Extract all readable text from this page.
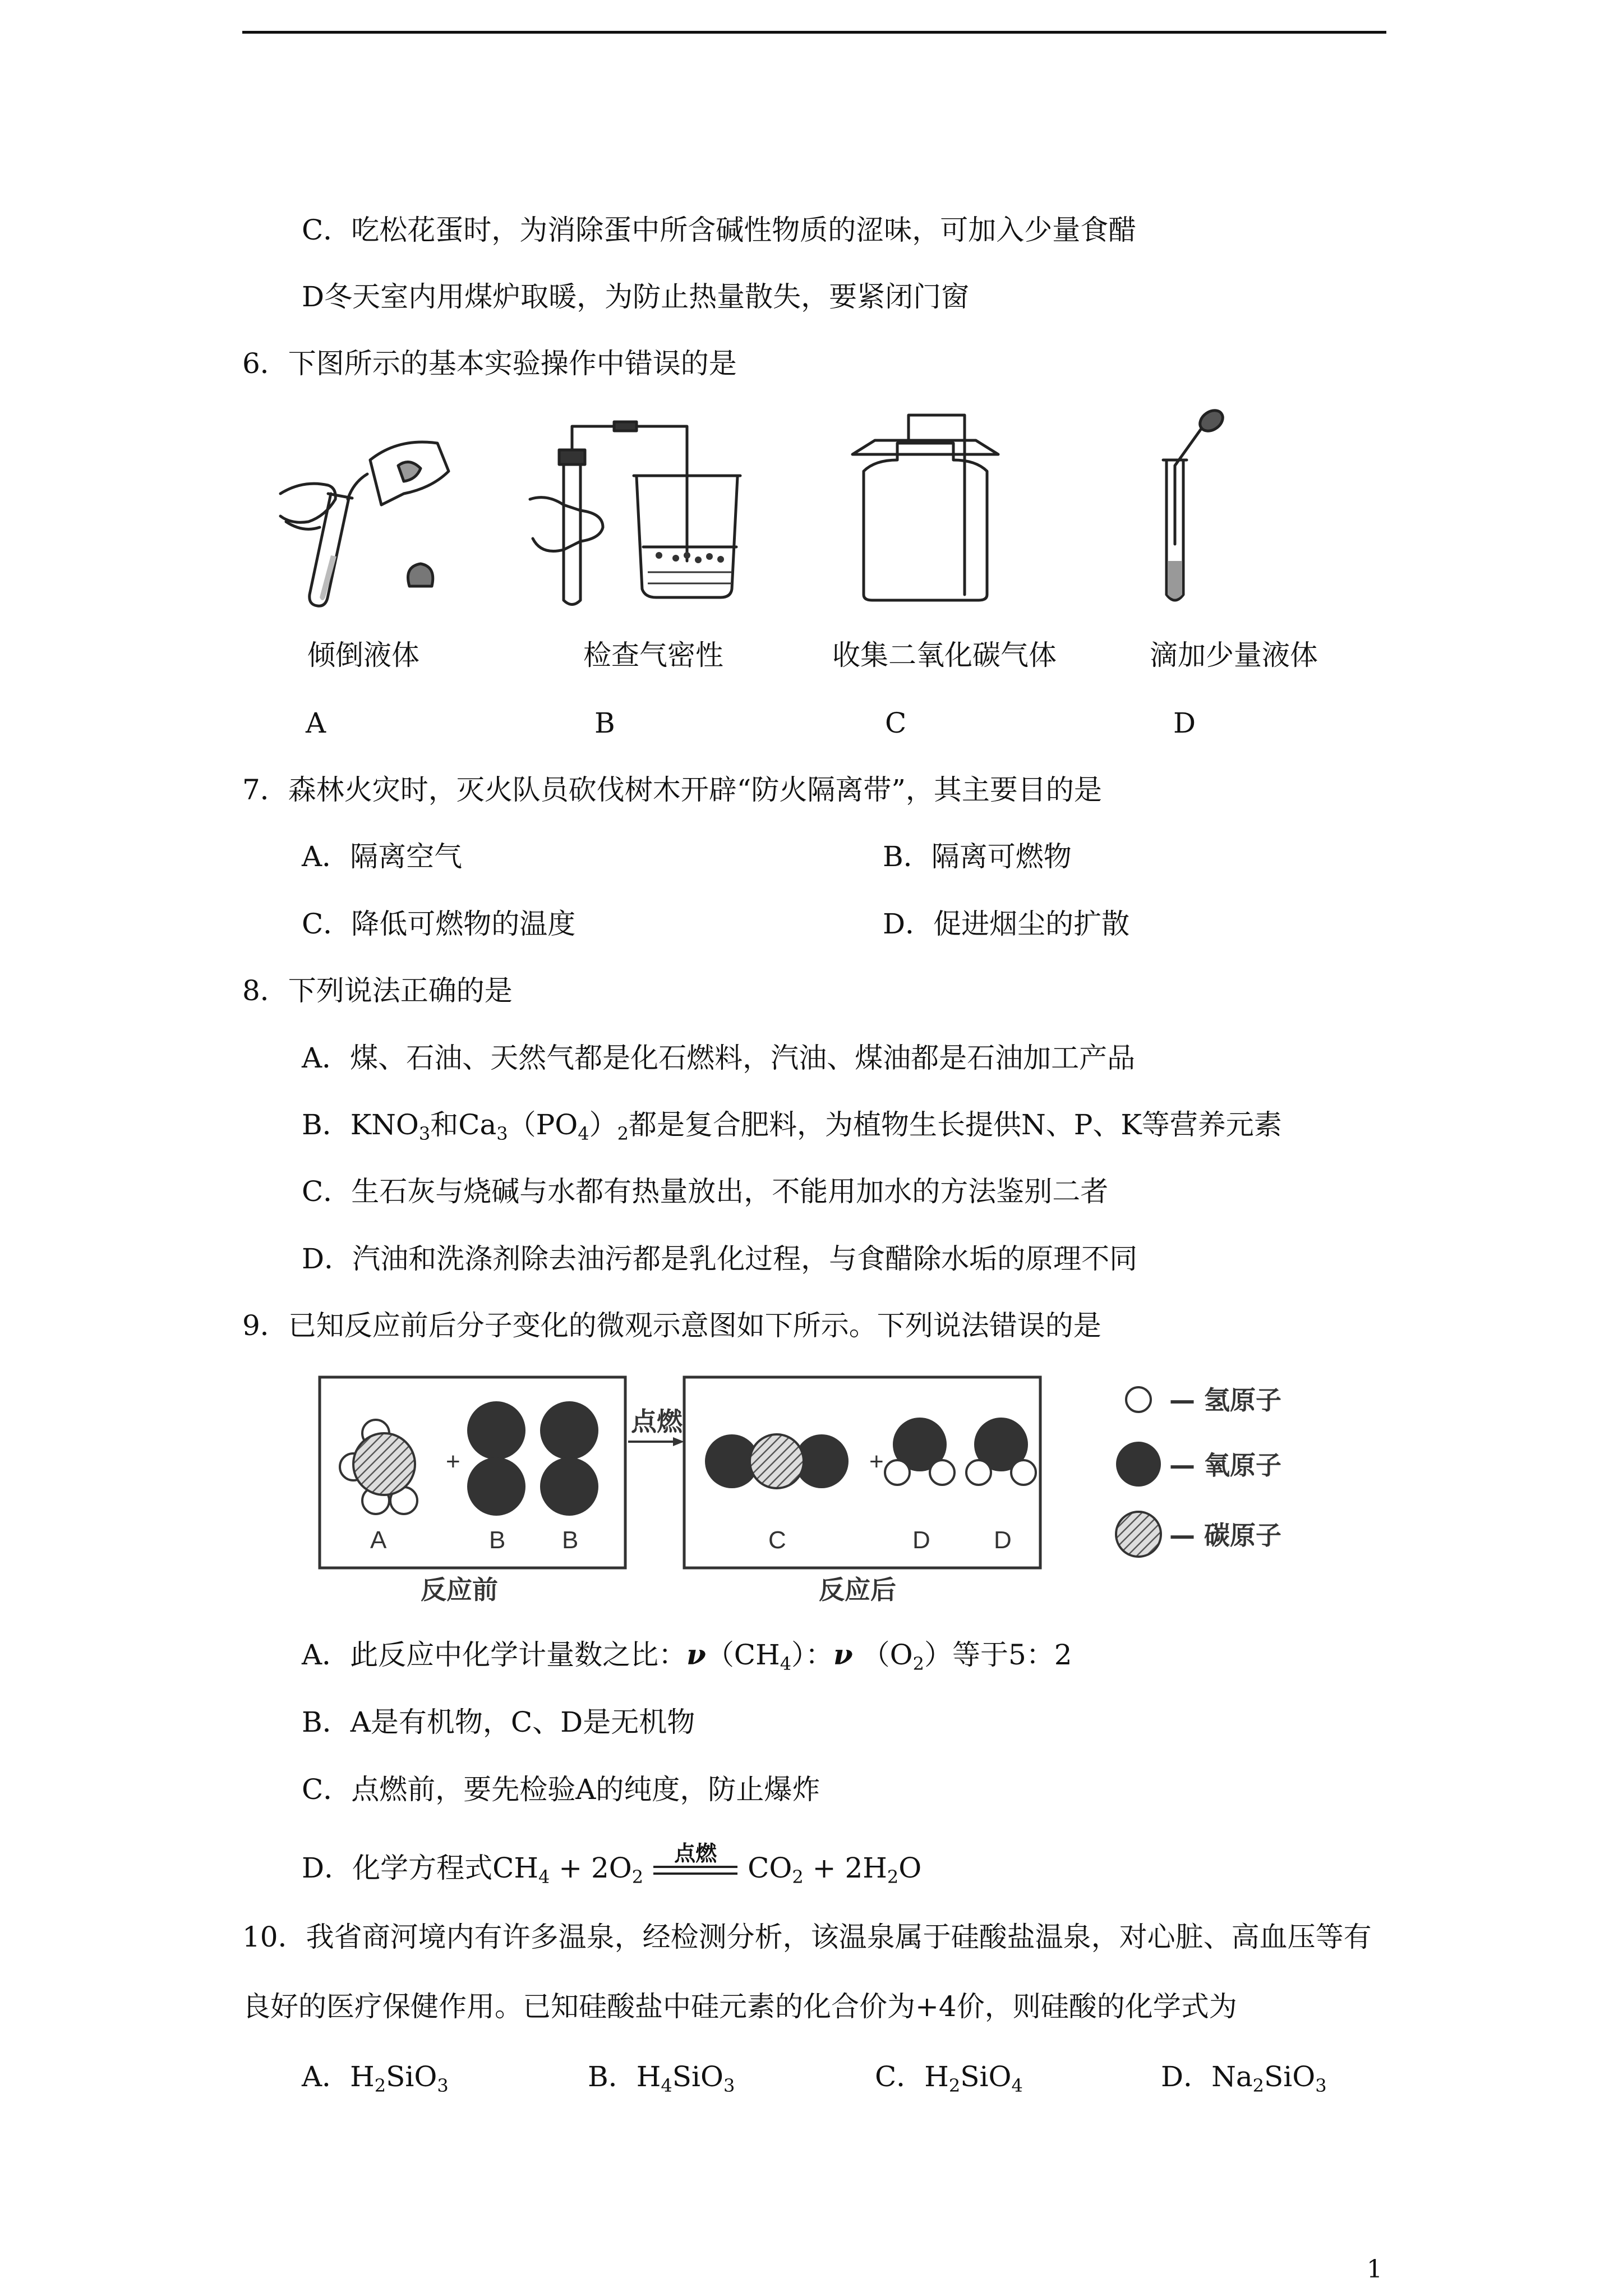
C．吃松花蛋时，为消除蛋中所含碱性物质的涩味，可加入少量食醋
D冬天室内用煤炉取暖，为防止热量散失，要紧闭门窗
6．下图所示的基本实验操作中错误的是
倾倒液体	检查气密性	收集二氧化碳气体	滴加少量液体
A	B	C	D
7．森林火灾时，灭火队员砍伐树木开辟“防火隔离带”，其主要目的是
A．隔离空气	B．隔离可燃物
C．降低可燃物的温度	D．促进烟尘的扩散
8．下列说法正确的是
A．煤、石油、天然气都是化石燃料，汽油、煤油都是石油加工产品
B．$KNO_3$和$Ca_3(PO_4)_2$都是复合肥料，为植物生长提供N、P、K等营养元素
C．生石灰与烧碱与水都有热量放出，不能用加水的方法鉴别二者
D．汽油和洗涤剂除去油污都是乳化过程，与食醋除水垢的原理不同
9．已知反应前后分子变化的微观示意图如下所示。下列说法错误的是
+
A	B B
反应前
点燃
+
C	D	D
反应后
— 氢原子
— 氧原子
— 碳原子
A．此反应中化学计量数之比：$\nu(CH_4)$：ν $(O_2)$等于5：2
B．A是有机物，C、D是无机物
C．点燃前，要先检验A的纯度，防止爆炸
D．化学方程式$CH_4 + 2O_2$
点燃	$CO_2 + 2H_2O$
10．我省商河境内有许多温泉，经检测分析，该温泉属于硅酸盐温泉，对心脏、高血压等有
良好的医疗保健作用。已知硅酸盐中硅元素的化合价为+4价，则硅酸的化学式为
A．$H_2SiO_3$	B．$H_4SiO_3$	C．$H_2SiO_4$	D．$Na_2SiO_3$
1
